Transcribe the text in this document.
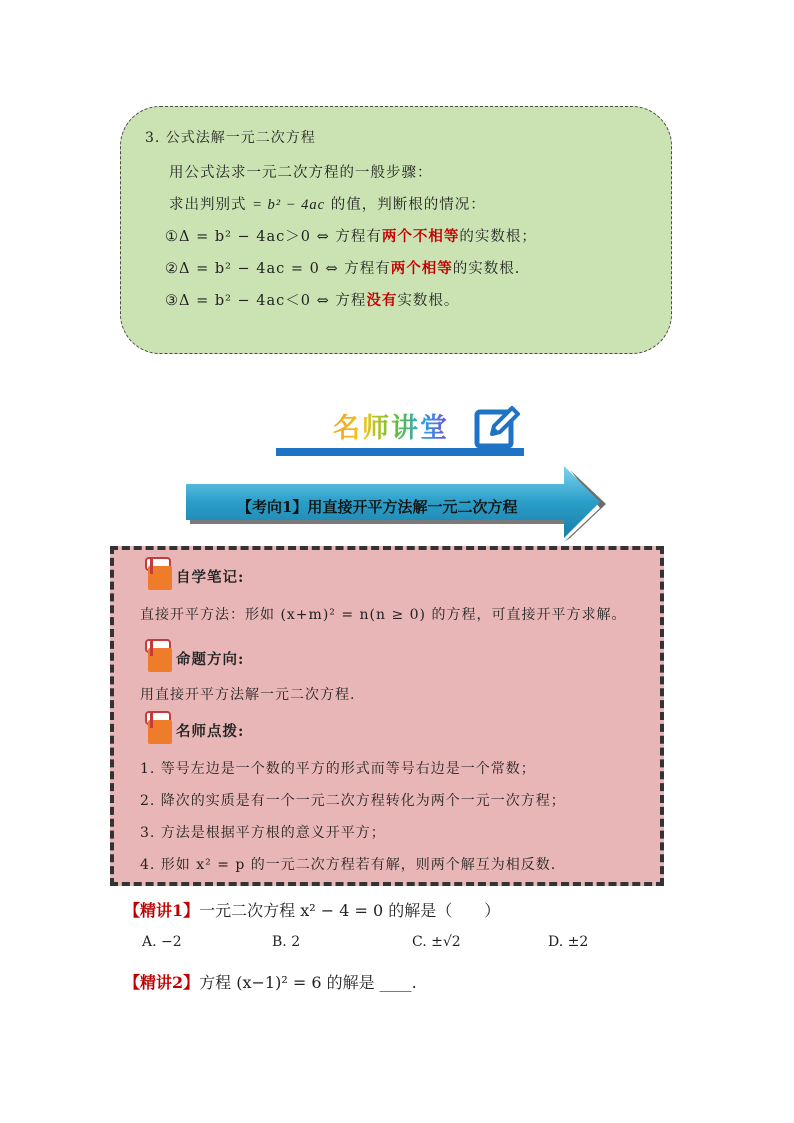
3. 公式法解一元二次方程
用公式法求一元二次方程的一般步骤：
求出判别式 = b² − 4ac 的值，判断根的情况：
①Δ = b² − 4ac＞0 ⇔ 方程有两个不相等的实数根；
②Δ = b² − 4ac = 0 ⇔ 方程有两个相等的实数根.
③Δ = b² − 4ac＜0 ⇔ 方程没有实数根。
名师讲堂
【考向1】用直接开平方法解一元二次方程
自学笔记:
直接开平方法：形如 (x+m)² = n(n ≥ 0) 的方程，可直接开平方求解。
命题方向:
用直接开平方法解一元二次方程.
名师点拨:
1. 等号左边是一个数的平方的形式而等号右边是一个常数；
2. 降次的实质是有一个一元二次方程转化为两个一元一次方程；
3. 方法是根据平方根的意义开平方；
4. 形如 x² = p 的一元二次方程若有解，则两个解互为相反数.
【精讲1】一元二次方程 x² − 4 = 0 的解是（　　）
A. −2	B. 2	C. ±√2	D. ±2
【精讲2】方程 (x−1)² = 6 的解是 ____.
